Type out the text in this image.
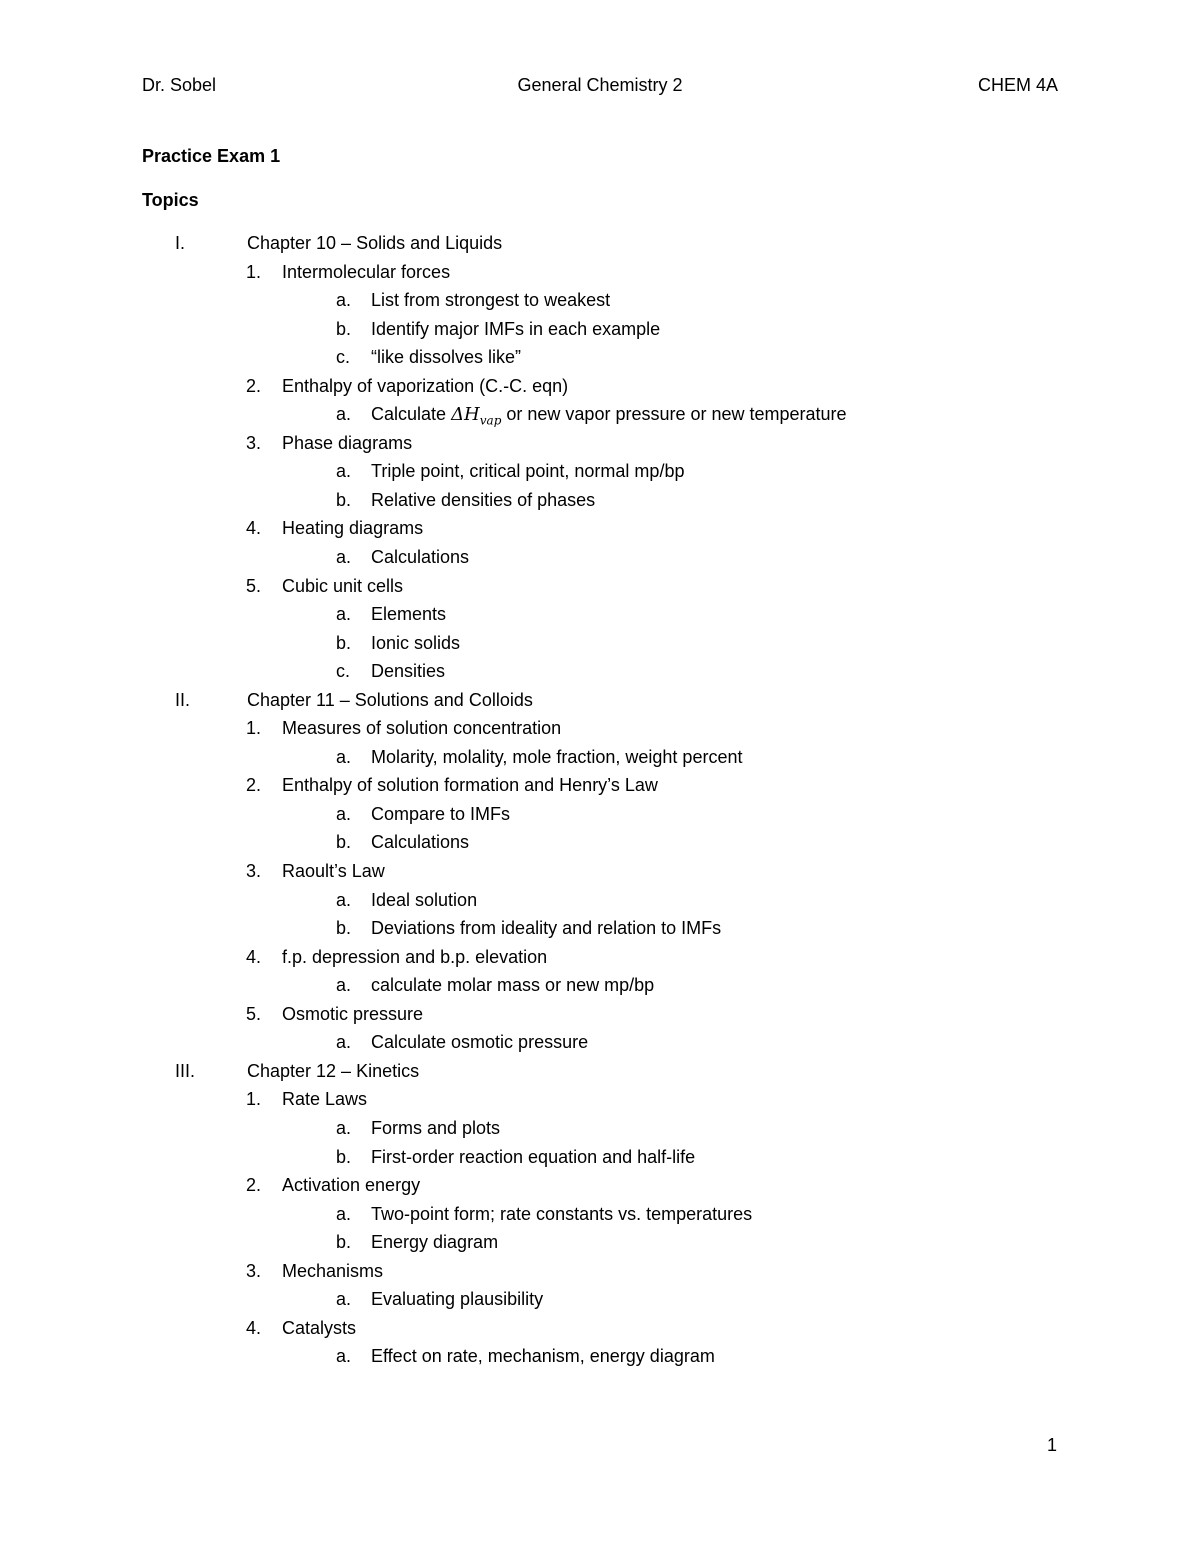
Dr. Sobel	General Chemistry 2	CHEM 4A
Practice Exam 1
Topics
I.	Chapter 10 – Solids and Liquids
1. Intermolecular forces
a. List from strongest to weakest
b. Identify major IMFs in each example
c. “like dissolves like”
2. Enthalpy of vaporization (C.-C. eqn)
a. Calculate $\Delta H_{vap}$ or new vapor pressure or new temperature
3. Phase diagrams
a. Triple point, critical point, normal mp/bp
b. Relative densities of phases
4. Heating diagrams
a. Calculations
5. Cubic unit cells
a. Elements
b. Ionic solids
c. Densities
II.	Chapter 11 – Solutions and Colloids
1. Measures of solution concentration
a. Molarity, molality, mole fraction, weight percent
2. Enthalpy of solution formation and Henry’s Law
a. Compare to IMFs
b. Calculations
3. Raoult’s Law
a. Ideal solution
b. Deviations from ideality and relation to IMFs
4. f.p. depression and b.p. elevation
a. calculate molar mass or new mp/bp
5. Osmotic pressure
a. Calculate osmotic pressure
III.	Chapter 12 – Kinetics
1. Rate Laws
a. Forms and plots
b. First-order reaction equation and half-life
2. Activation energy
a. Two-point form; rate constants vs. temperatures
b. Energy diagram
3. Mechanisms
a. Evaluating plausibility
4. Catalysts
a. Effect on rate, mechanism, energy diagram
1
